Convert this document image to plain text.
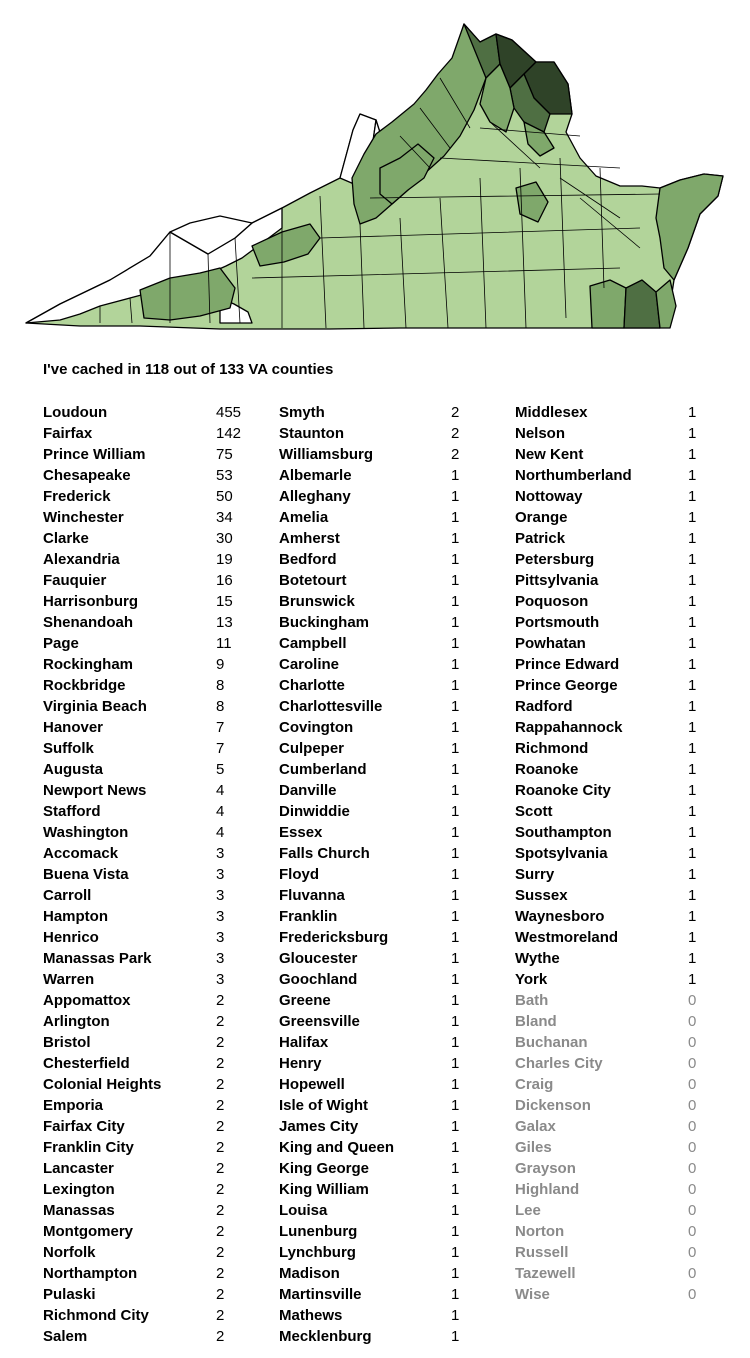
I've cached in 118 out of 133 VA counties
Loudoun	455
Fairfax	142
Prince William	75
Chesapeake	53
Frederick	50
Winchester	34
Clarke	30
Alexandria	19
Fauquier	16
Harrisonburg	15
Shenandoah	13
Page	11
Rockingham	9
Rockbridge	8
Virginia Beach	8
Hanover	7
Suffolk	7
Augusta	5
Newport News	4
Stafford	4
Washington	4
Accomack	3
Buena Vista	3
Carroll	3
Hampton	3
Henrico	3
Manassas Park	3
Warren	3
Appomattox	2
Arlington	2
Bristol	2
Chesterfield	2
Colonial Heights	2
Emporia	2
Fairfax City	2
Franklin City	2
Lancaster	2
Lexington	2
Manassas	2
Montgomery	2
Norfolk	2
Northampton	2
Pulaski	2
Richmond City	2
Salem	2
Smyth	2
Staunton	2
Williamsburg	2
Albemarle	1
Alleghany	1
Amelia	1
Amherst	1
Bedford	1
Botetourt	1
Brunswick	1
Buckingham	1
Campbell	1
Caroline	1
Charlotte	1
Charlottesville	1
Covington	1
Culpeper	1
Cumberland	1
Danville	1
Dinwiddie	1
Essex	1
Falls Church	1
Floyd	1
Fluvanna	1
Franklin	1
Fredericksburg	1
Gloucester	1
Goochland	1
Greene	1
Greensville	1
Halifax	1
Henry	1
Hopewell	1
Isle of Wight	1
James City	1
King and Queen	1
King George	1
King William	1
Louisa	1
Lunenburg	1
Lynchburg	1
Madison	1
Martinsville	1
Mathews	1
Mecklenburg	1
Middlesex	1
Nelson	1
New Kent	1
Northumberland	1
Nottoway	1
Orange	1
Patrick	1
Petersburg	1
Pittsylvania	1
Poquoson	1
Portsmouth	1
Powhatan	1
Prince Edward	1
Prince George	1
Radford	1
Rappahannock	1
Richmond	1
Roanoke	1
Roanoke City	1
Scott	1
Southampton	1
Spotsylvania	1
Surry	1
Sussex	1
Waynesboro	1
Westmoreland	1
Wythe	1
York	1
Bath	0
Bland	0
Buchanan	0
Charles City	0
Craig	0
Dickenson	0
Galax	0
Giles	0
Grayson	0
Highland	0
Lee	0
Norton	0
Russell	0
Tazewell	0
Wise	0
